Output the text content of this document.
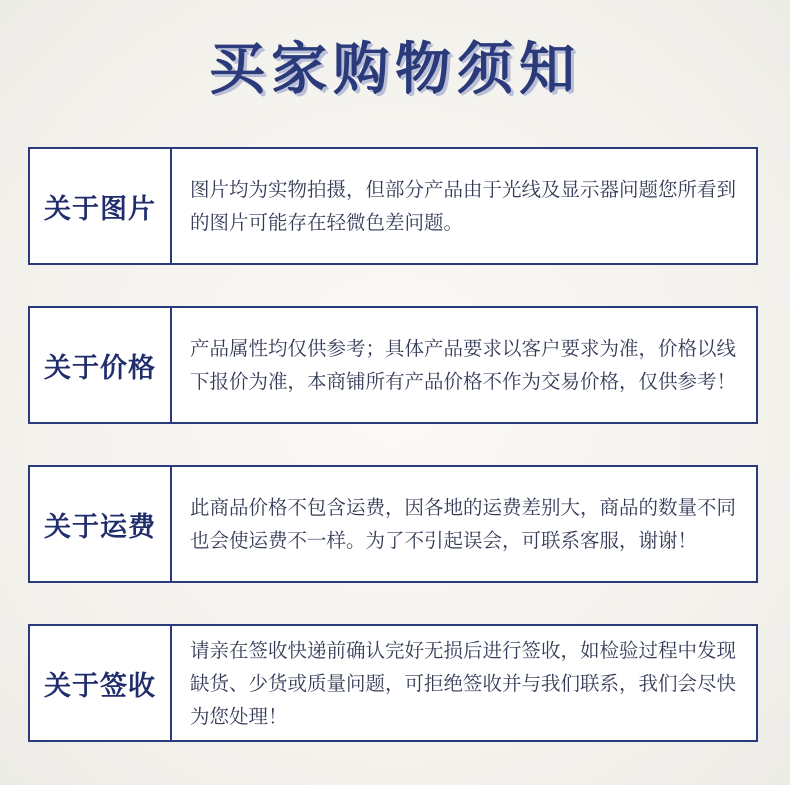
买家购物须知
关于图片
图片均为实物拍摄，但部分产品由于光线及显示器问题您所看到的图片可能存在轻微色差问题。
关于价格
产品属性均仅供参考；具体产品要求以客户要求为准，价格以线下报价为准，本商铺所有产品价格不作为交易价格，仅供参考！
关于运费
此商品价格不包含运费，因各地的运费差别大，商品的数量不同也会使运费不一样。为了不引起误会，可联系客服，谢谢！
关于签收
请亲在签收快递前确认完好无损后进行签收，如检验过程中发现缺货、少货或质量问题，可拒绝签收并与我们联系，我们会尽快为您处理！
